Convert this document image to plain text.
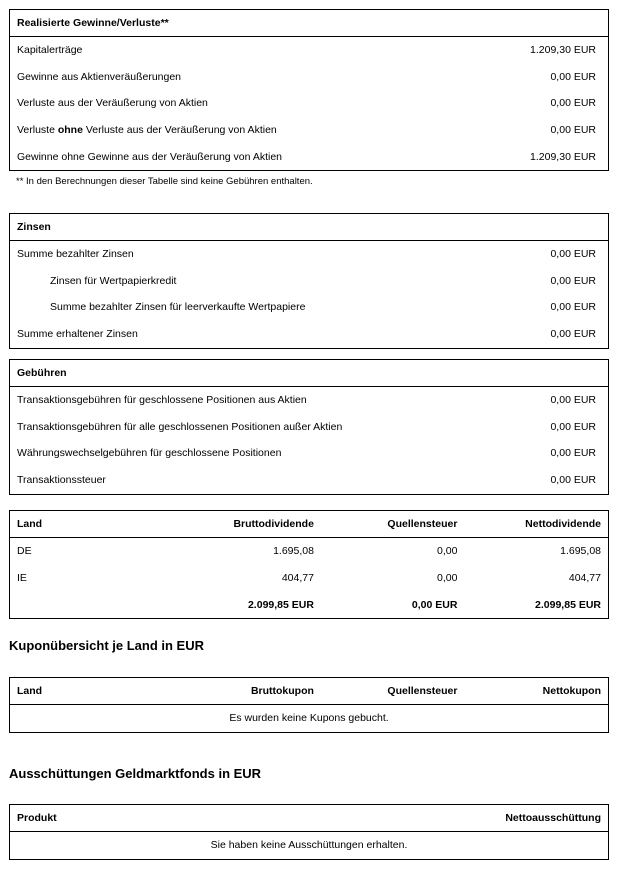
Realisierte Gewinne/Verluste**
Kapitalerträge	1.209,30 EUR
Gewinne aus Aktienveräußerungen	0,00 EUR
Verluste aus der Veräußerung von Aktien	0,00 EUR
Verluste ohne Verluste aus der Veräußerung von Aktien	0,00 EUR
Gewinne ohne Gewinne aus der Veräußerung von Aktien	1.209,30 EUR
** In den Berechnungen dieser Tabelle sind keine Gebühren enthalten.
Zinsen
Summe bezahlter Zinsen	0,00 EUR
Zinsen für Wertpapierkredit	0,00 EUR
Summe bezahlter Zinsen für leerverkaufte Wertpapiere	0,00 EUR
Summe erhaltener Zinsen	0,00 EUR
Gebühren
Transaktionsgebühren für geschlossene Positionen aus Aktien	0,00 EUR
Transaktionsgebühren für alle geschlossenen Positionen außer Aktien	0,00 EUR
Währungswechselgebühren für geschlossene Positionen	0,00 EUR
Transaktionssteuer	0,00 EUR
Land	Bruttodividende	Quellensteuer	Nettodividende
DE	1.695,08	0,00	1.695,08
IE	404,77	0,00	404,77
	2.099,85 EUR	0,00 EUR	2.099,85 EUR
Kuponübersicht je Land in EUR
Land	Bruttokupon	Quellensteuer	Nettokupon
Es wurden keine Kupons gebucht.
Ausschüttungen Geldmarktfonds in EUR
Produkt	Nettoausschüttung
Sie haben keine Ausschüttungen erhalten.
